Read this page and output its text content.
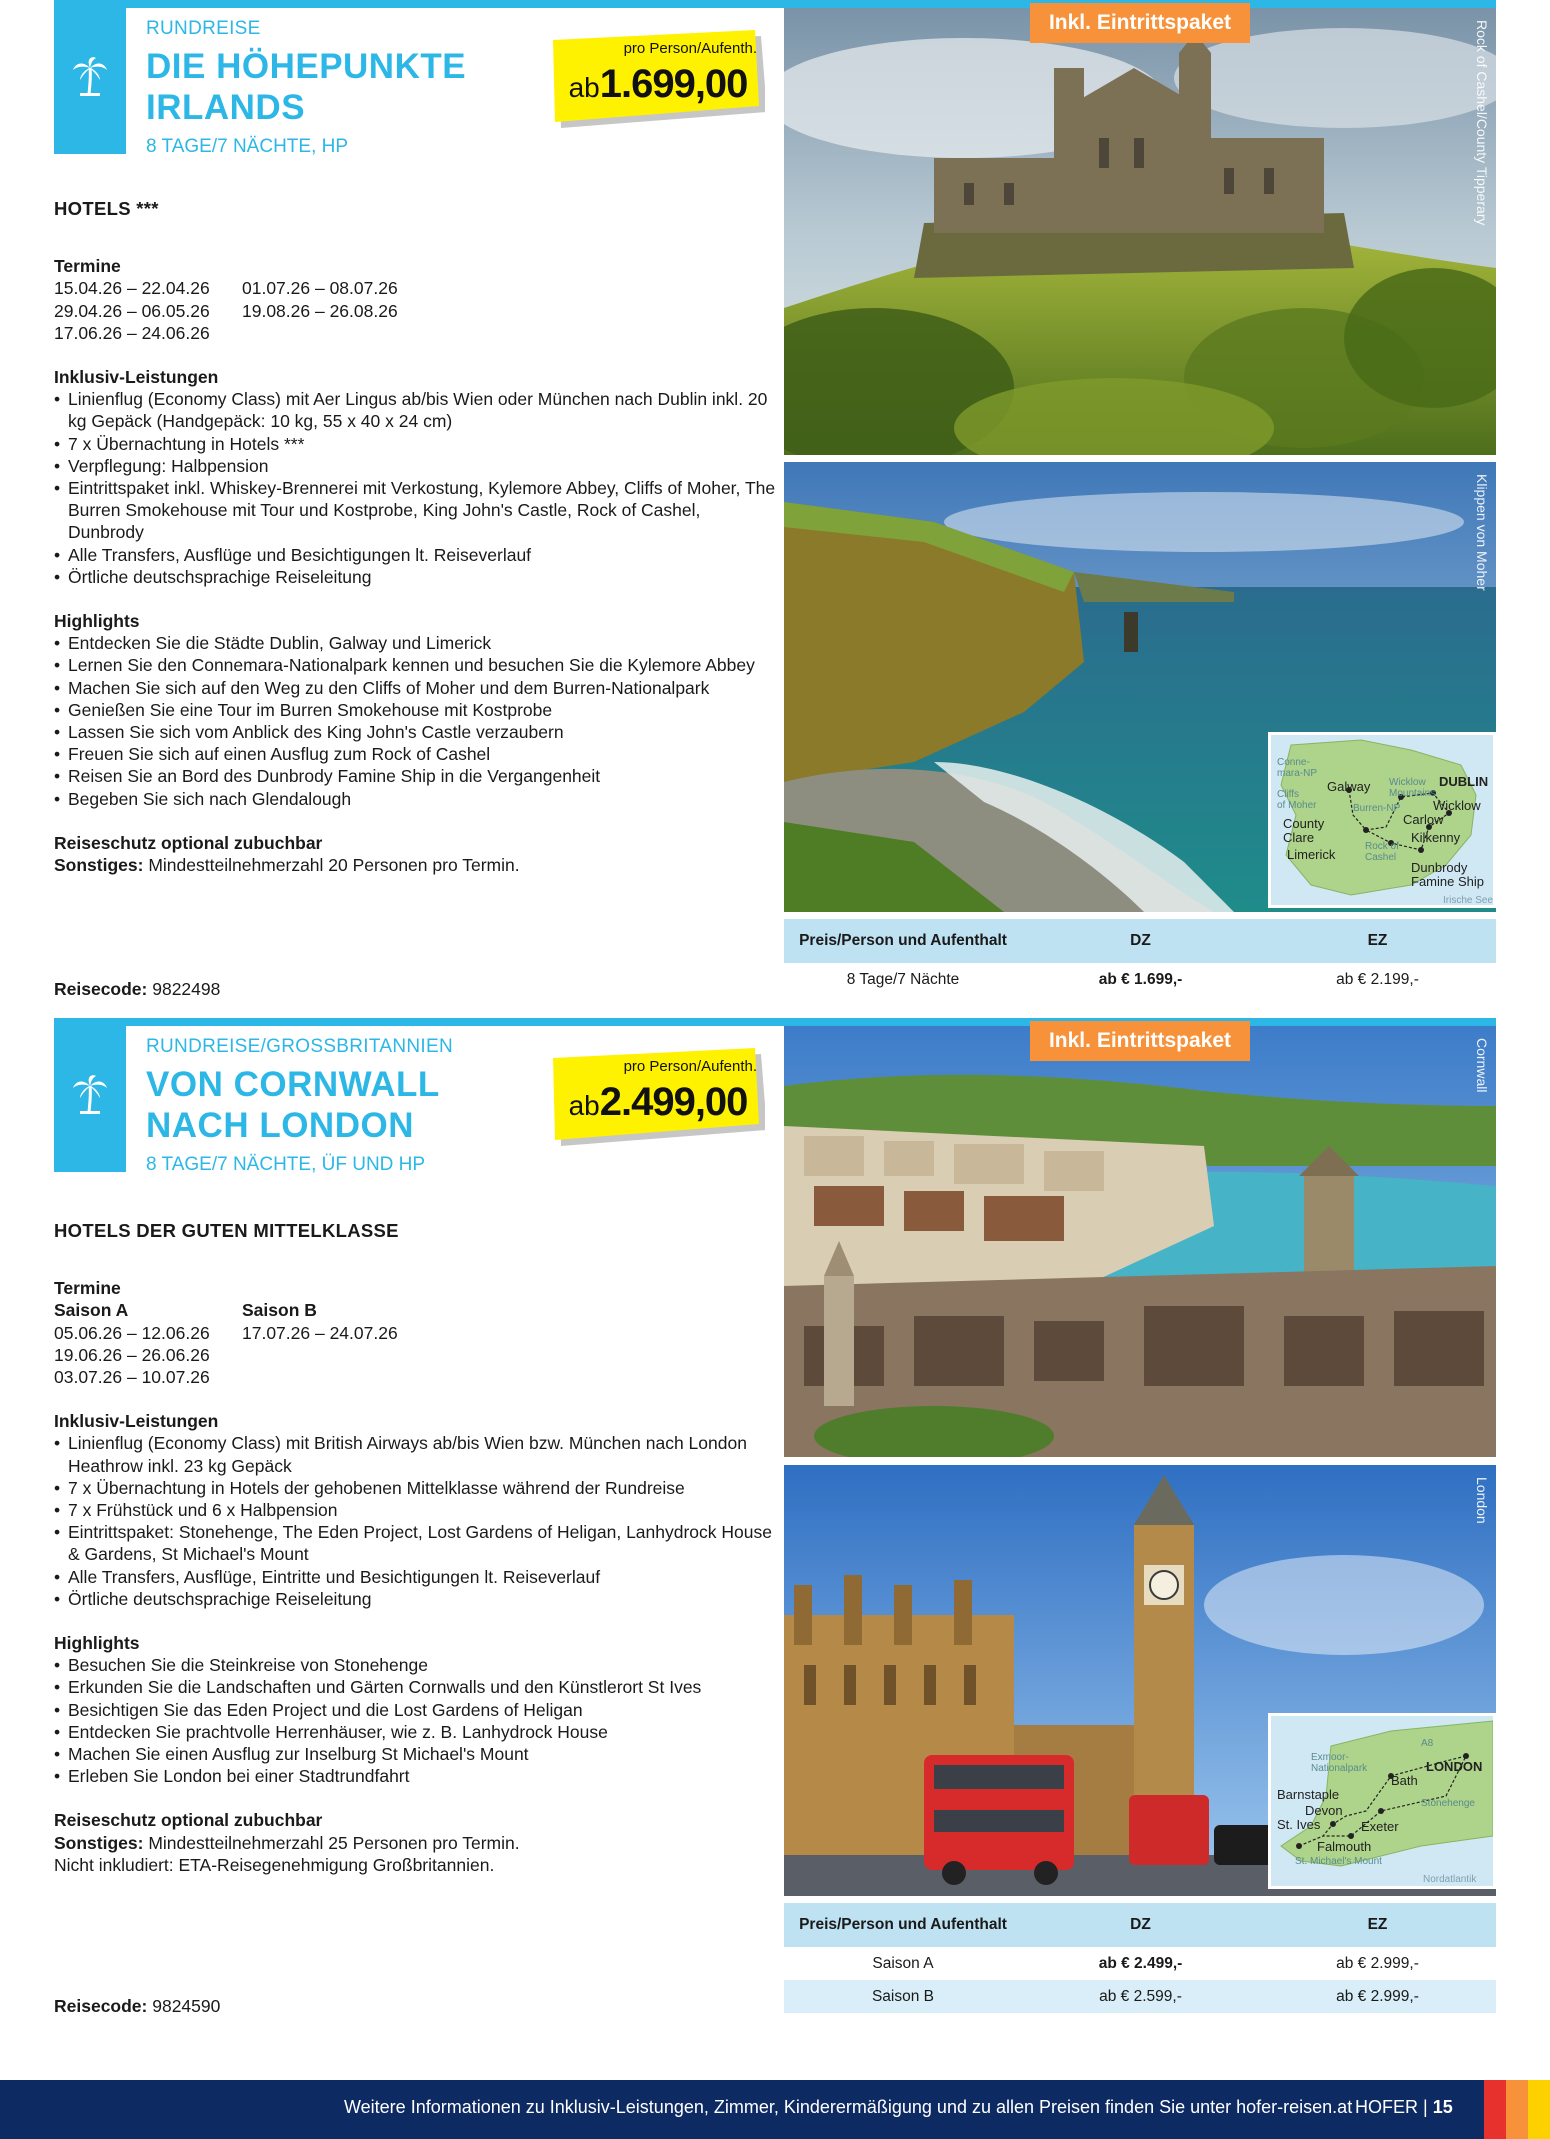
RUNDREISE
DIE HÖHEPUNKTE
IRLANDS
8 TAGE/7 NÄCHTE, HP
pro Person/Aufenth.
ab1.699,00
HOTELS ***
Termine
15.04.26 – 22.04.26
29.04.26 – 06.05.26
17.06.26 – 24.06.26
01.07.26 – 08.07.26
19.08.26 – 26.08.26
Inklusiv-Leistungen
• Linienflug (Economy Class) mit Aer Lingus ab/bis Wien oder München nach Dublin inkl. 20 kg Gepäck (Handgepäck: 10 kg, 55 x 40 x 24 cm)
• 7 x Übernachtung in Hotels ***
• Verpflegung: Halbpension
• Eintrittspaket inkl. Whiskey-Brennerei mit Verkostung, Kylemore Abbey, Cliffs of Moher, The Burren Smokehouse mit Tour und Kostprobe, King John's Castle, Rock of Cashel, Dunbrody
• Alle Transfers, Ausflüge und Besichtigungen lt. Reiseverlauf
• Örtliche deutschsprachige Reiseleitung
Highlights
• Entdecken Sie die Städte Dublin, Galway und Limerick
• Lernen Sie den Connemara-Nationalpark kennen und besuchen Sie die Kylemore Abbey
• Machen Sie sich auf den Weg zu den Cliffs of Moher und dem Burren-Nationalpark
• Genießen Sie eine Tour im Burren Smokehouse mit Kostprobe
• Lassen Sie sich vom Anblick des King John's Castle verzaubern
• Freuen Sie sich auf einen Ausflug zum Rock of Cashel
• Reisen Sie an Bord des Dunbrody Famine Ship in die Vergangenheit
• Begeben Sie sich nach Glendalough
Reiseschutz optional zubuchbar
Sonstiges: Mindestteilnehmerzahl 20 Personen pro Termin.
Reisecode: 9822498
Rock of Cashel/County Tipperary
Inkl. Eintrittspaket
Klippen von Moher
Conne-
mara-NP
Galway Wicklow
Mountains
DUBLIN
Cliffs
of Moher	Burren-NP	Wicklow
County
Clare
Carlow
Kilkenny
Limerick
Rock of
Cashel
Dunbrody
Famine Ship
Irische See
Preis/Person und Aufenthalt	DZ	EZ
8 Tage/7 Nächte	ab € 1.699,-	ab € 2.199,-
RUNDREISE/GROSSBRITANNIEN
VON CORNWALL
NACH LONDON
8 TAGE/7 NÄCHTE, ÜF UND HP
pro Person/Aufenth.
ab2.499,00
HOTELS DER GUTEN MITTELKLASSE
Termine
Saison A
05.06.26 – 12.06.26
19.06.26 – 26.06.26
03.07.26 – 10.07.26
Saison B
17.07.26 – 24.07.26
Inklusiv-Leistungen
• Linienflug (Economy Class) mit British Airways ab/bis Wien bzw. München nach London Heathrow inkl. 23 kg Gepäck
• 7 x Übernachtung in Hotels der gehobenen Mittelklasse während der Rundreise
• 7 x Frühstück und 6 x Halbpension
• Eintrittspaket: Stonehenge, The Eden Project, Lost Gardens of Heligan, Lanhydrock House & Gardens, St Michael's Mount
• Alle Transfers, Ausflüge, Eintritte und Besichtigungen lt. Reiseverlauf
• Örtliche deutschsprachige Reiseleitung
Highlights
• Besuchen Sie die Steinkreise von Stonehenge
• Erkunden Sie die Landschaften und Gärten Cornwalls und den Künstlerort St Ives
• Besichtigen Sie das Eden Project und die Lost Gardens of Heligan
• Entdecken Sie prachtvolle Herrenhäuser, wie z. B. Lanhydrock House
• Machen Sie einen Ausflug zur Inselburg St Michael's Mount
• Erleben Sie London bei einer Stadtrundfahrt
Reiseschutz optional zubuchbar
Sonstiges: Mindestteilnehmerzahl 25 Personen pro Termin.
Nicht inkludiert: ETA-Reisegenehmigung Großbritannien.
Reisecode: 9824590
Cornwall
Inkl. Eintrittspaket
London
Exmoor-
Nationalpark
A8
Bath
LONDON
Barnstaple
Stonehenge
Devon
St. Ives	Exeter
Falmouth
St. Michael's Mount
Nordatlantik
Preis/Person und Aufenthalt	DZ	EZ
Saison A	ab € 2.499,-	ab € 2.999,-
Saison B	ab € 2.599,-	ab € 2.999,-
Weitere Informationen zu Inklusiv-Leistungen, Zimmer, Kinderermäßigung und zu allen Preisen finden Sie unter hofer-reisen.at HOFER | 15
